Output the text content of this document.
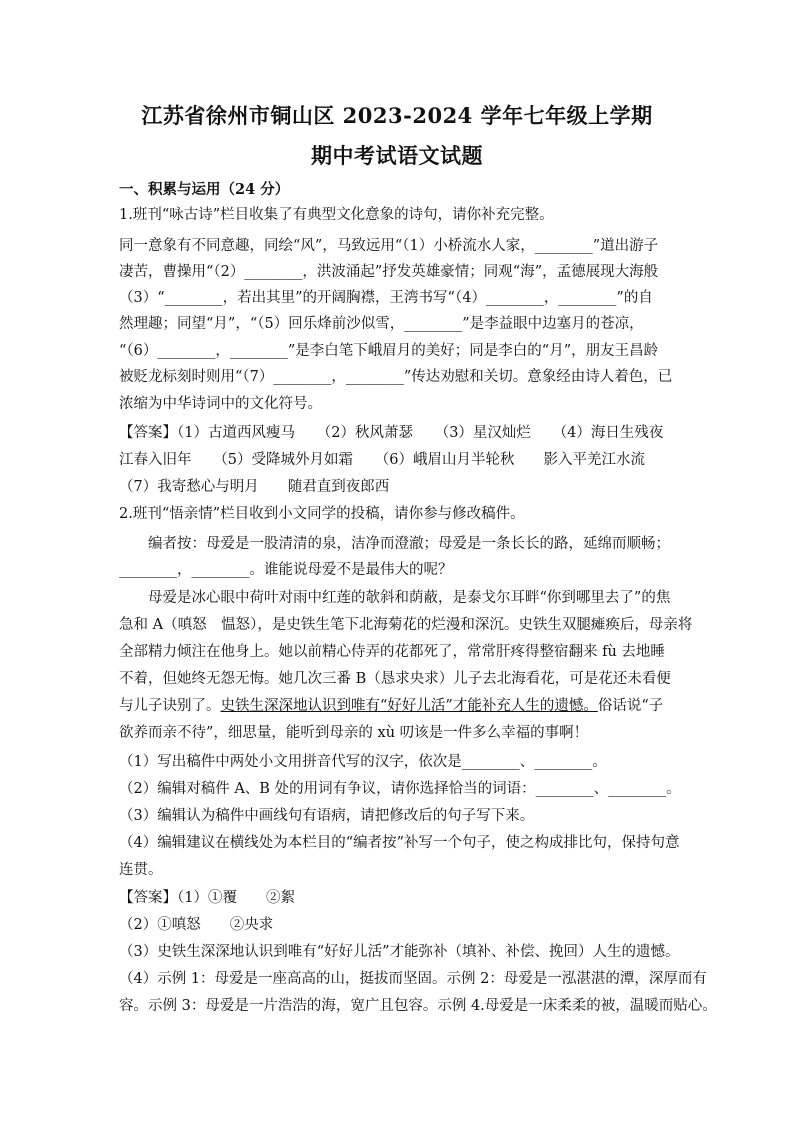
江苏省徐州市铜山区 2023-2024 学年七年级上学期
期中考试语文试题
一、积累与运用（24 分）
1.班刊“咏古诗”栏目收集了有典型文化意象的诗句，请你补充完整。
同一意象有不同意趣，同绘“风”，马致远用“（1）小桥流水人家，________”道出游子
凄苦，曹操用“（2）________，洪波涌起”抒发英雄豪情；同观“海”，孟德展现大海般
（3）“________，若出其里”的开阔胸襟，王湾书写“（4）________，________”的自
然理趣；同望“月”，“（5）回乐烽前沙似雪，________”是李益眼中边塞月的苍凉，
“（6）________，________”是李白笔下峨眉月的美好；同是李白的“月”，朋友王昌龄
被贬龙标刻时则用“（7）________，________”传达劝慰和关切。意象经由诗人着色，已
浓缩为中华诗词中的文化符号。
【答案】（1）古道西风瘦马　　（2）秋风萧瑟　　（3）星汉灿烂　　（4）海日生残夜
江春入旧年　　（5）受降城外月如霜　　（6）峨眉山月半轮秋　　影入平羌江水流
（7）我寄愁心与明月　　随君直到夜郎西
2.班刊“悟亲情”栏目收到小文同学的投稿，请你参与修改稿件。
　　编者按：母爱是一股清清的泉，洁净而澄澈；母爱是一条长长的路，延绵而顺畅；
________，________。谁能说母爱不是最伟大的呢？
　　母爱是冰心眼中荷叶对雨中红莲的欹斜和荫蔽，是泰戈尔耳畔“你到哪里去了”的焦
急和 A（嗔怒　愠怒），是史铁生笔下北海菊花的烂漫和深沉。史铁生双腿瘫痪后，母亲将
全部精力倾注在他身上。她以前精心侍弄的花都死了，常常肝疼得整宿翻来 fù 去地睡
不着，但她终无怨无悔。她几次三番 B（恳求央求）儿子去北海看花，可是花还未看便
与儿子诀别了。史铁生深深地认识到唯有“好好儿活”才能补充人生的遗憾。俗话说“子
欲养而亲不待”，细思量，能听到母亲的 xù 叨该是一件多么幸福的事啊！
（1）写出稿件中两处小文用拼音代写的汉字，依次是________、________。
（2）编辑对稿件 A、B 处的用词有争议，请你选择恰当的词语：________、________。
（3）编辑认为稿件中画线句有语病，请把修改后的句子写下来。
（4）编辑建议在横线处为本栏目的“编者按”补写一个句子，使之构成排比句，保持句意
连贯。
【答案】（1）①覆　　②絮
（2）①嗔怒　　②央求
（3）史铁生深深地认识到唯有“好好儿活”才能弥补（填补、补偿、挽回）人生的遗憾。
（4）示例 1：母爱是一座高高的山，挺拔而坚固。示例 2：母爱是一泓湛湛的潭，深厚而有
容。示例 3：母爱是一片浩浩的海，宽广且包容。示例 4.母爱是一床柔柔的被，温暖而贴心。
